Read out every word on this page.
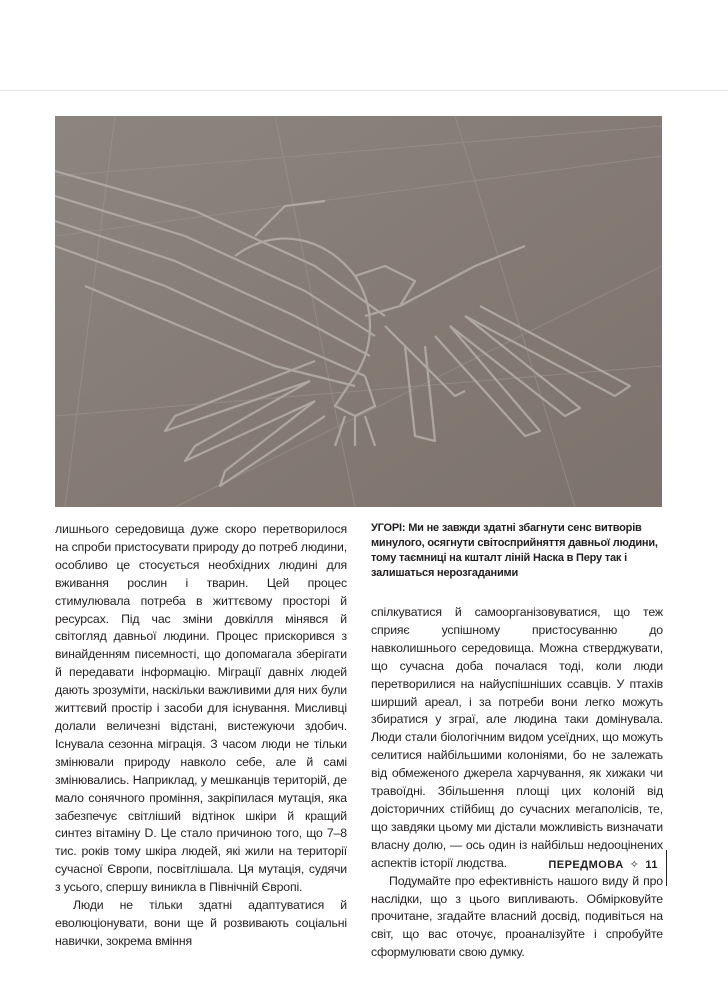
лишнього середовища дуже скоро перетворилося на спроби пристосувати природу до потреб людини, особливо це стосується необхідних людині для вживання рослин і тварин. Цей процес стимулювала потреба в життєвому просторі й ресурсах. Під час зміни довкілля мінявся й світогляд давньої людини. Процес прискорився з винайденням писемності, що допомагала зберігати й передавати інформацію. Міграції давніх людей дають зрозуміти, наскільки важливими для них були життєвий простір і засоби для існування. Мисливці долали величезні відстані, вистежуючи здобич. Існувала сезонна міграція. З часом люди не тільки змінювали природу навколо себе, але й самі змінювались. Наприклад, у мешканців територій, де мало сонячного проміння, закріпилася мутація, яка забезпечує світліший відтінок шкіри й кращий синтез вітаміну D. Це стало причиною того, що 7–8 тис. років тому шкіра людей, які жили на території сучасної Європи, посвітлішала. Ця мутація, судячи з усього, спершу виникла в Північній Європі.

Люди не тільки здатні адаптуватися й еволюціонувати, вони ще й розвивають соціальні навички, зокрема вміння

УГОРІ: Ми не завжди здатні збагнути сенс витворів минулого, осягнути світосприйняття давньої людини, тому таємниці на кшталт ліній Наска в Перу так і залишаться нерозгаданими

спілкуватися й самоорганізовуватися, що теж сприяє успішному пристосуванню до навколишнього середовища. Можна стверджувати, що сучасна доба почалася тоді, коли люди перетворилися на найуспішніших ссавців. У птахів ширший ареал, і за потреби вони легко можуть збиратися у зграї, але людина таки домінувала. Люди стали біологічним видом усеїдних, що можуть селитися найбільшими колоніями, бо не залежать від обмеженого джерела харчування, як хижаки чи травоїдні. Збільшення площі цих колоній від доісторичних стійбищ до сучасних мегаполісів, те, що завдяки цьому ми дістали можливість визначати власну долю, — ось один із найбільш недооцінених аспектів історії людства.

Подумайте про ефективність нашого виду й про наслідки, що з цього випливають. Обмірковуйте прочитане, згадайте власний досвід, подивіться на світ, що вас оточує, проаналізуйте і спробуйте сформулювати свою думку.

ПЕРЕДМОВА ✧ 11
